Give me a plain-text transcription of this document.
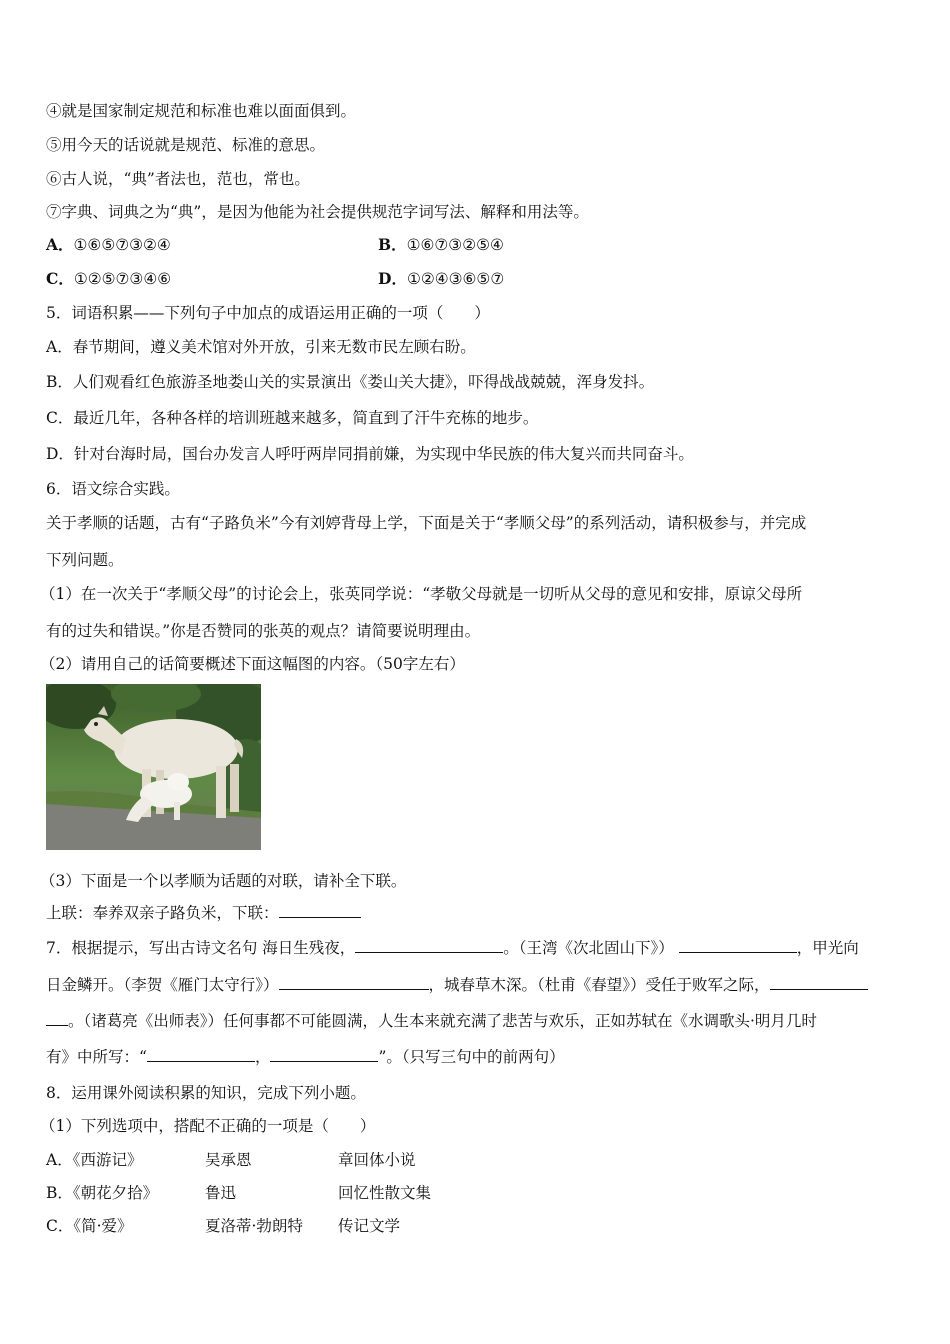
④就是国家制定规范和标准也难以面面俱到。
⑤用今天的话说就是规范、标准的意思。
⑥古人说，“典”者法也，范也，常也。
⑦字典、词典之为“典”，是因为他能为社会提供规范字词写法、解释和用法等。
A．①⑥⑤⑦③②④	B．①⑥⑦③②⑤④
C．①②⑤⑦③④⑥	D．①②④③⑥⑤⑦
5．词语积累——下列句子中加点的成语运用正确的一项（　　）
A．春节期间，遵义美术馆对外开放，引来无数市民左顾右盼。
B．人们观看红色旅游圣地娄山关的实景演出《娄山关大捷》，吓得战战兢兢，浑身发抖。
C．最近几年，各种各样的培训班越来越多，简直到了汗牛充栋的地步。
D．针对台海时局，国台办发言人呼吁两岸同捐前嫌，为实现中华民族的伟大复兴而共同奋斗。
6．语文综合实践。
关于孝顺的话题，古有“子路负米”今有刘婷背母上学，下面是关于“孝顺父母”的系列活动，请积极参与，并完成
下列问题。
（1）在一次关于“孝顺父母”的讨论会上，张英同学说：“孝敬父母就是一切听从父母的意见和安排，原谅父母所
有的过失和错误。”你是否赞同的张英的观点？请简要说明理由。
（2）请用自己的话简要概述下面这幅图的内容。（50字左右）
（3）下面是一个以孝顺为话题的对联，请补全下联。
上联：奉养双亲子路负米，下联：
7．根据提示，写出古诗文名句 海日生残夜，	。（王湾《次北固山下》）	，甲光向
日金鳞开。（李贺《雁门太守行》）	，城春草木深。（杜甫《春望》）受任于败军之际，
。（诸葛亮《出师表》）任何事都不可能圆满，人生本来就充满了悲苦与欢乐，正如苏轼在《水调歌头·明月几时
有》中所写：“	，	”。（只写三句中的前两句）
8．运用课外阅读积累的知识，完成下列小题。
（1）下列选项中，搭配不正确的一项是（　　）
A．《西游记》	吴承恩	章回体小说
B．《朝花夕拾》	鲁迅	回忆性散文集
C．《简·爱》	夏洛蒂·勃朗特 传记文学
